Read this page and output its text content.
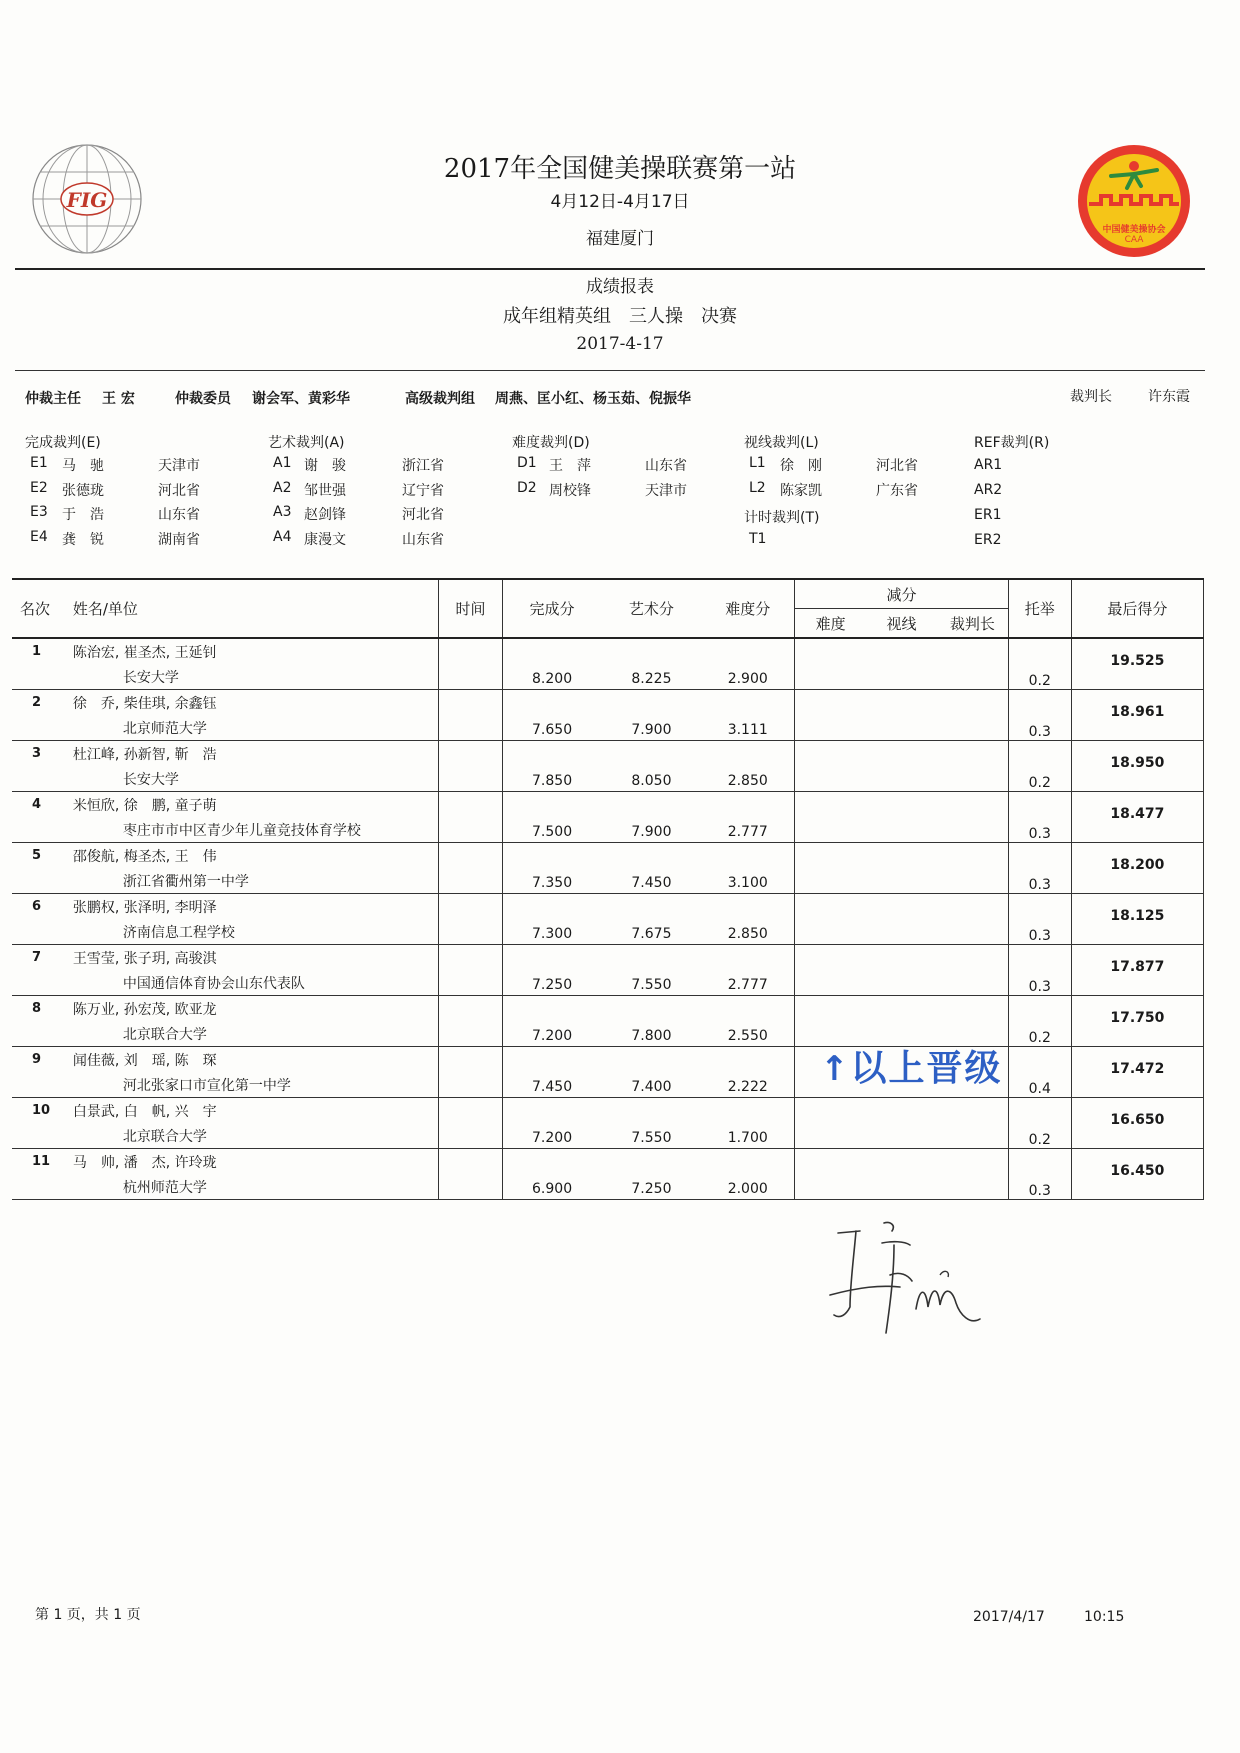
FIG
中国健美操协会
CAA
2017年全国健美操联赛第一站
4月12日-4月17日
福建厦门
成绩报表
成年组精英组　三人操　决赛
2017-4-17
仲裁主任 王 宏	仲裁委员 谢会军、黄彩华	高级裁判组 周燕、匡小红、杨玉茹、倪振华	裁判长	许东霞
完成裁判(E)
E1 马　驰	天津市
E2 张德珑	河北省
E3 于　浩	山东省
E4 龚　锐	湖南省
艺术裁判(A)
A1 谢　骏	浙江省
A2 邹世强	辽宁省
A3 赵剑锋	河北省
A4 康漫文	山东省
难度裁判(D)
D1 王　萍	山东省
D2 周校锋	天津市
视线裁判(L)
L1 徐　刚	河北省
L2 陈家凯	广东省
计时裁判(T)
T1
REF裁判(R)
AR1
AR2
ER1
ER2
名次	姓名/单位	时间	完成分	艺术分	难度分	减分			托举	最后得分
						难度	视线	裁判长		
1	陈治宏, 崔圣杰, 王延钊									19.525
	长安大学		8.200	8.225	2.900				0.2	
2	徐　乔, 柴佳琪, 余鑫钰									18.961
	北京师范大学		7.650	7.900	3.111				0.3	
3	杜江峰, 孙新智, 靳　浩									18.950
	长安大学		7.850	8.050	2.850				0.2	
4	米恒欣, 徐　鹏, 童子萌									18.477
	枣庄市市中区青少年儿童竞技体育学校		7.500	7.900	2.777				0.3	
5	邵俊航, 梅圣杰, 王　伟									18.200
	浙江省衢州第一中学		7.350	7.450	3.100				0.3	
6	张鹏权, 张泽明, 李明泽									18.125
	济南信息工程学校		7.300	7.675	2.850				0.3	
7	王雪莹, 张子玥, 高骏淇									17.877
	中国通信体育协会山东代表队		7.250	7.550	2.777				0.3	
8	陈万业, 孙宏茂, 欧亚龙									17.750
	北京联合大学		7.200	7.800	2.550				0.2	
9	闻佳薇, 刘　瑶, 陈　琛									17.472
	河北张家口市宣化第一中学		7.450	7.400	2.222				0.4	
10	白景武, 白　帆, 兴　宇									16.650
	北京联合大学		7.200	7.550	1.700				0.2	
11	马　帅, 潘　杰, 许玲珑									16.450
	杭州师范大学		6.900	7.250	2.000				0.3	
↑以上晋级
第 1 页，共 1 页	2017/4/17	10:15
